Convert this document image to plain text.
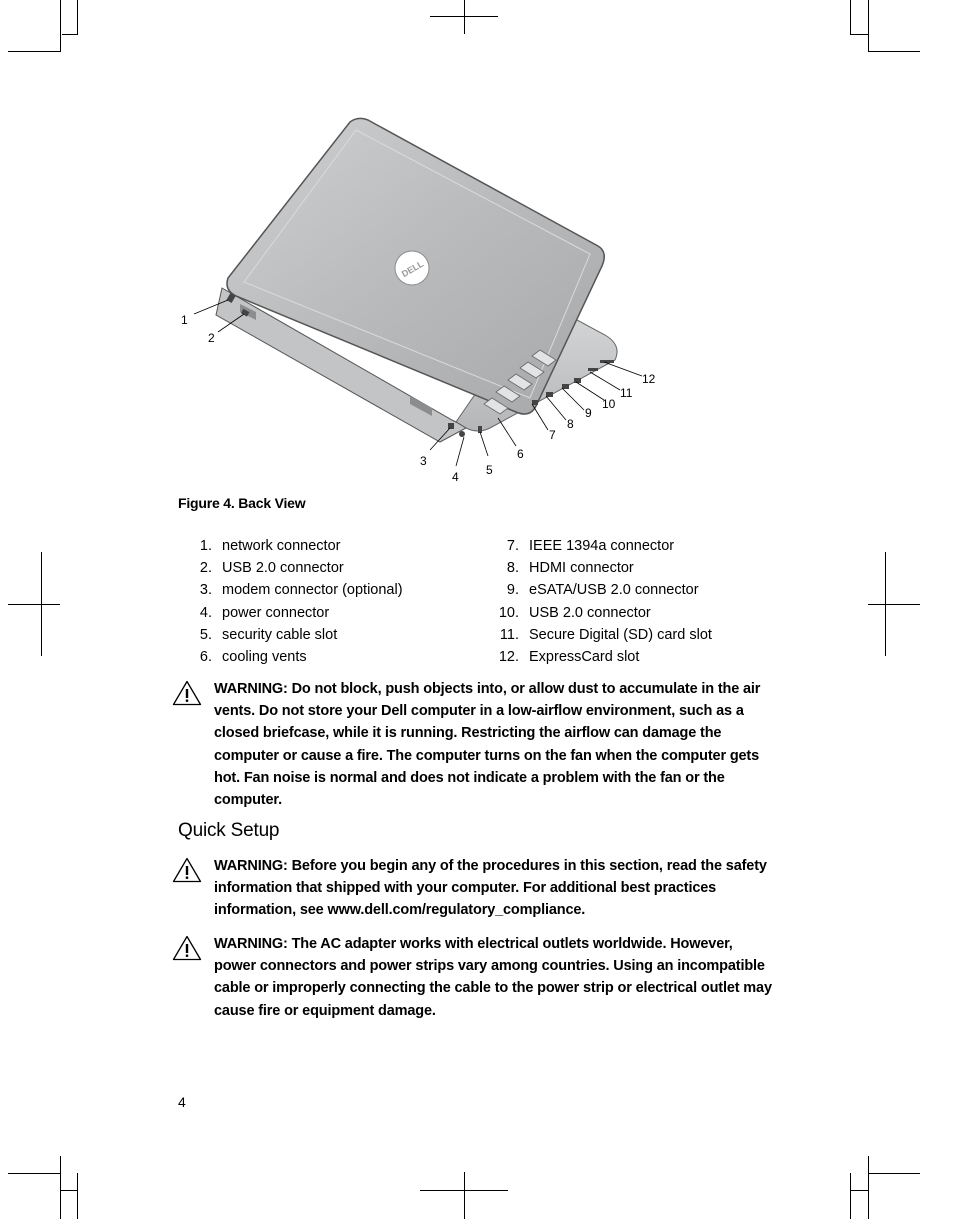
DELL
1
2
3
4 5
6
7
8
9
10
11
12
Figure 4. Back View
1. network connector
2. USB 2.0 connector
3. modem connector (optional)
4. power connector
5. security cable slot
6. cooling vents
7. IEEE 1394a connector
8. HDMI connector
9. eSATA/USB 2.0 connector
10. USB 2.0 connector
11. Secure Digital (SD) card slot
12. ExpressCard slot
WARNING: Do not block, push objects into, or allow dust to accumulate in the air
vents. Do not store your Dell computer in a low-airflow environment, such as a
closed briefcase, while it is running. Restricting the airflow can damage the
computer or cause a fire. The computer turns on the fan when the computer gets
hot. Fan noise is normal and does not indicate a problem with the fan or the
computer.
Quick Setup
WARNING: Before you begin any of the procedures in this section, read the safety
information that shipped with your computer. For additional best practices
information, see www.dell.com/regulatory_compliance.
WARNING: The AC adapter works with electrical outlets worldwide. However,
power connectors and power strips vary among countries. Using an incompatible
cable or improperly connecting the cable to the power strip or electrical outlet may
cause fire or equipment damage.
4
